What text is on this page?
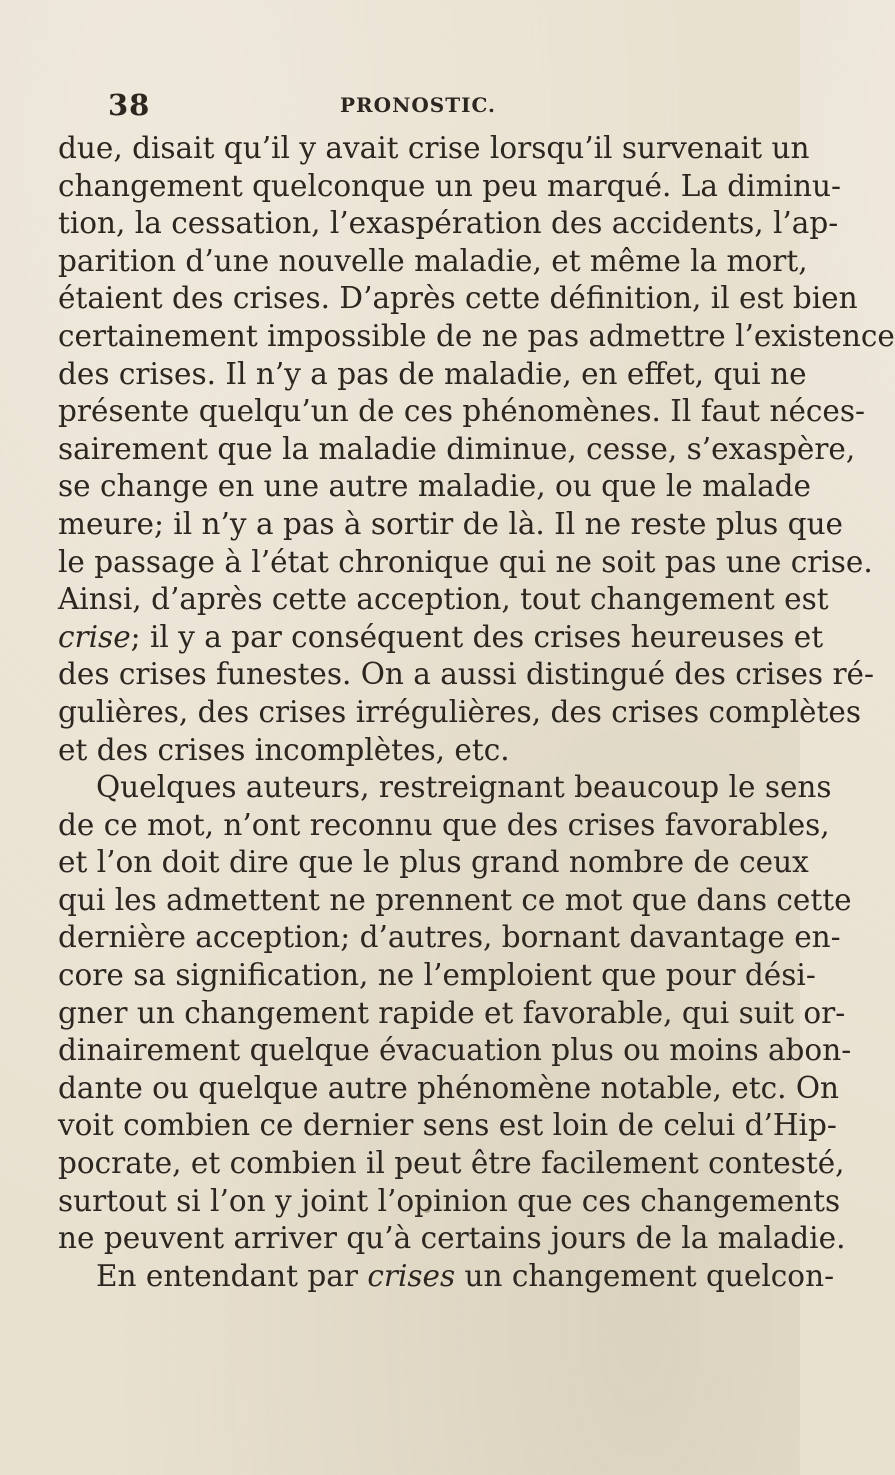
38	PRONOSTIC.
due, disait qu’il y avait crise lorsqu’il survenait un
changement quelconque un peu marqué. La diminu-
tion, la cessation, l’exaspération des accidents, l’ap-
parition d’une nouvelle maladie, et même la mort,
étaient des crises. D’après cette définition, il est bien
certainement impossible de ne pas admettre l’existence
des crises. Il n’y a pas de maladie, en effet, qui ne
présente quelqu’un de ces phénomènes. Il faut néces-
sairement que la maladie diminue, cesse, s’exaspère,
se change en une autre maladie, ou que le malade
meure; il n’y a pas à sortir de là. Il ne reste plus que
le passage à l’état chronique qui ne soit pas une crise.
Ainsi, d’après cette acception, tout changement est
crise; il y a par conséquent des crises heureuses et
des crises funestes. On a aussi distingué des crises ré-
gulières, des crises irrégulières, des crises complètes
et des crises incomplètes, etc.
Quelques auteurs, restreignant beaucoup le sens
de ce mot, n’ont reconnu que des crises favorables,
et l’on doit dire que le plus grand nombre de ceux
qui les admettent ne prennent ce mot que dans cette
dernière acception; d’autres, bornant davantage en-
core sa signification, ne l’emploient que pour dési-
gner un changement rapide et favorable, qui suit or-
dinairement quelque évacuation plus ou moins abon-
dante ou quelque autre phénomène notable, etc. On
voit combien ce dernier sens est loin de celui d’Hip-
pocrate, et combien il peut être facilement contesté,
surtout si l’on y joint l’opinion que ces changements
ne peuvent arriver qu’à certains jours de la maladie.
En entendant par crises un changement quelcon-
